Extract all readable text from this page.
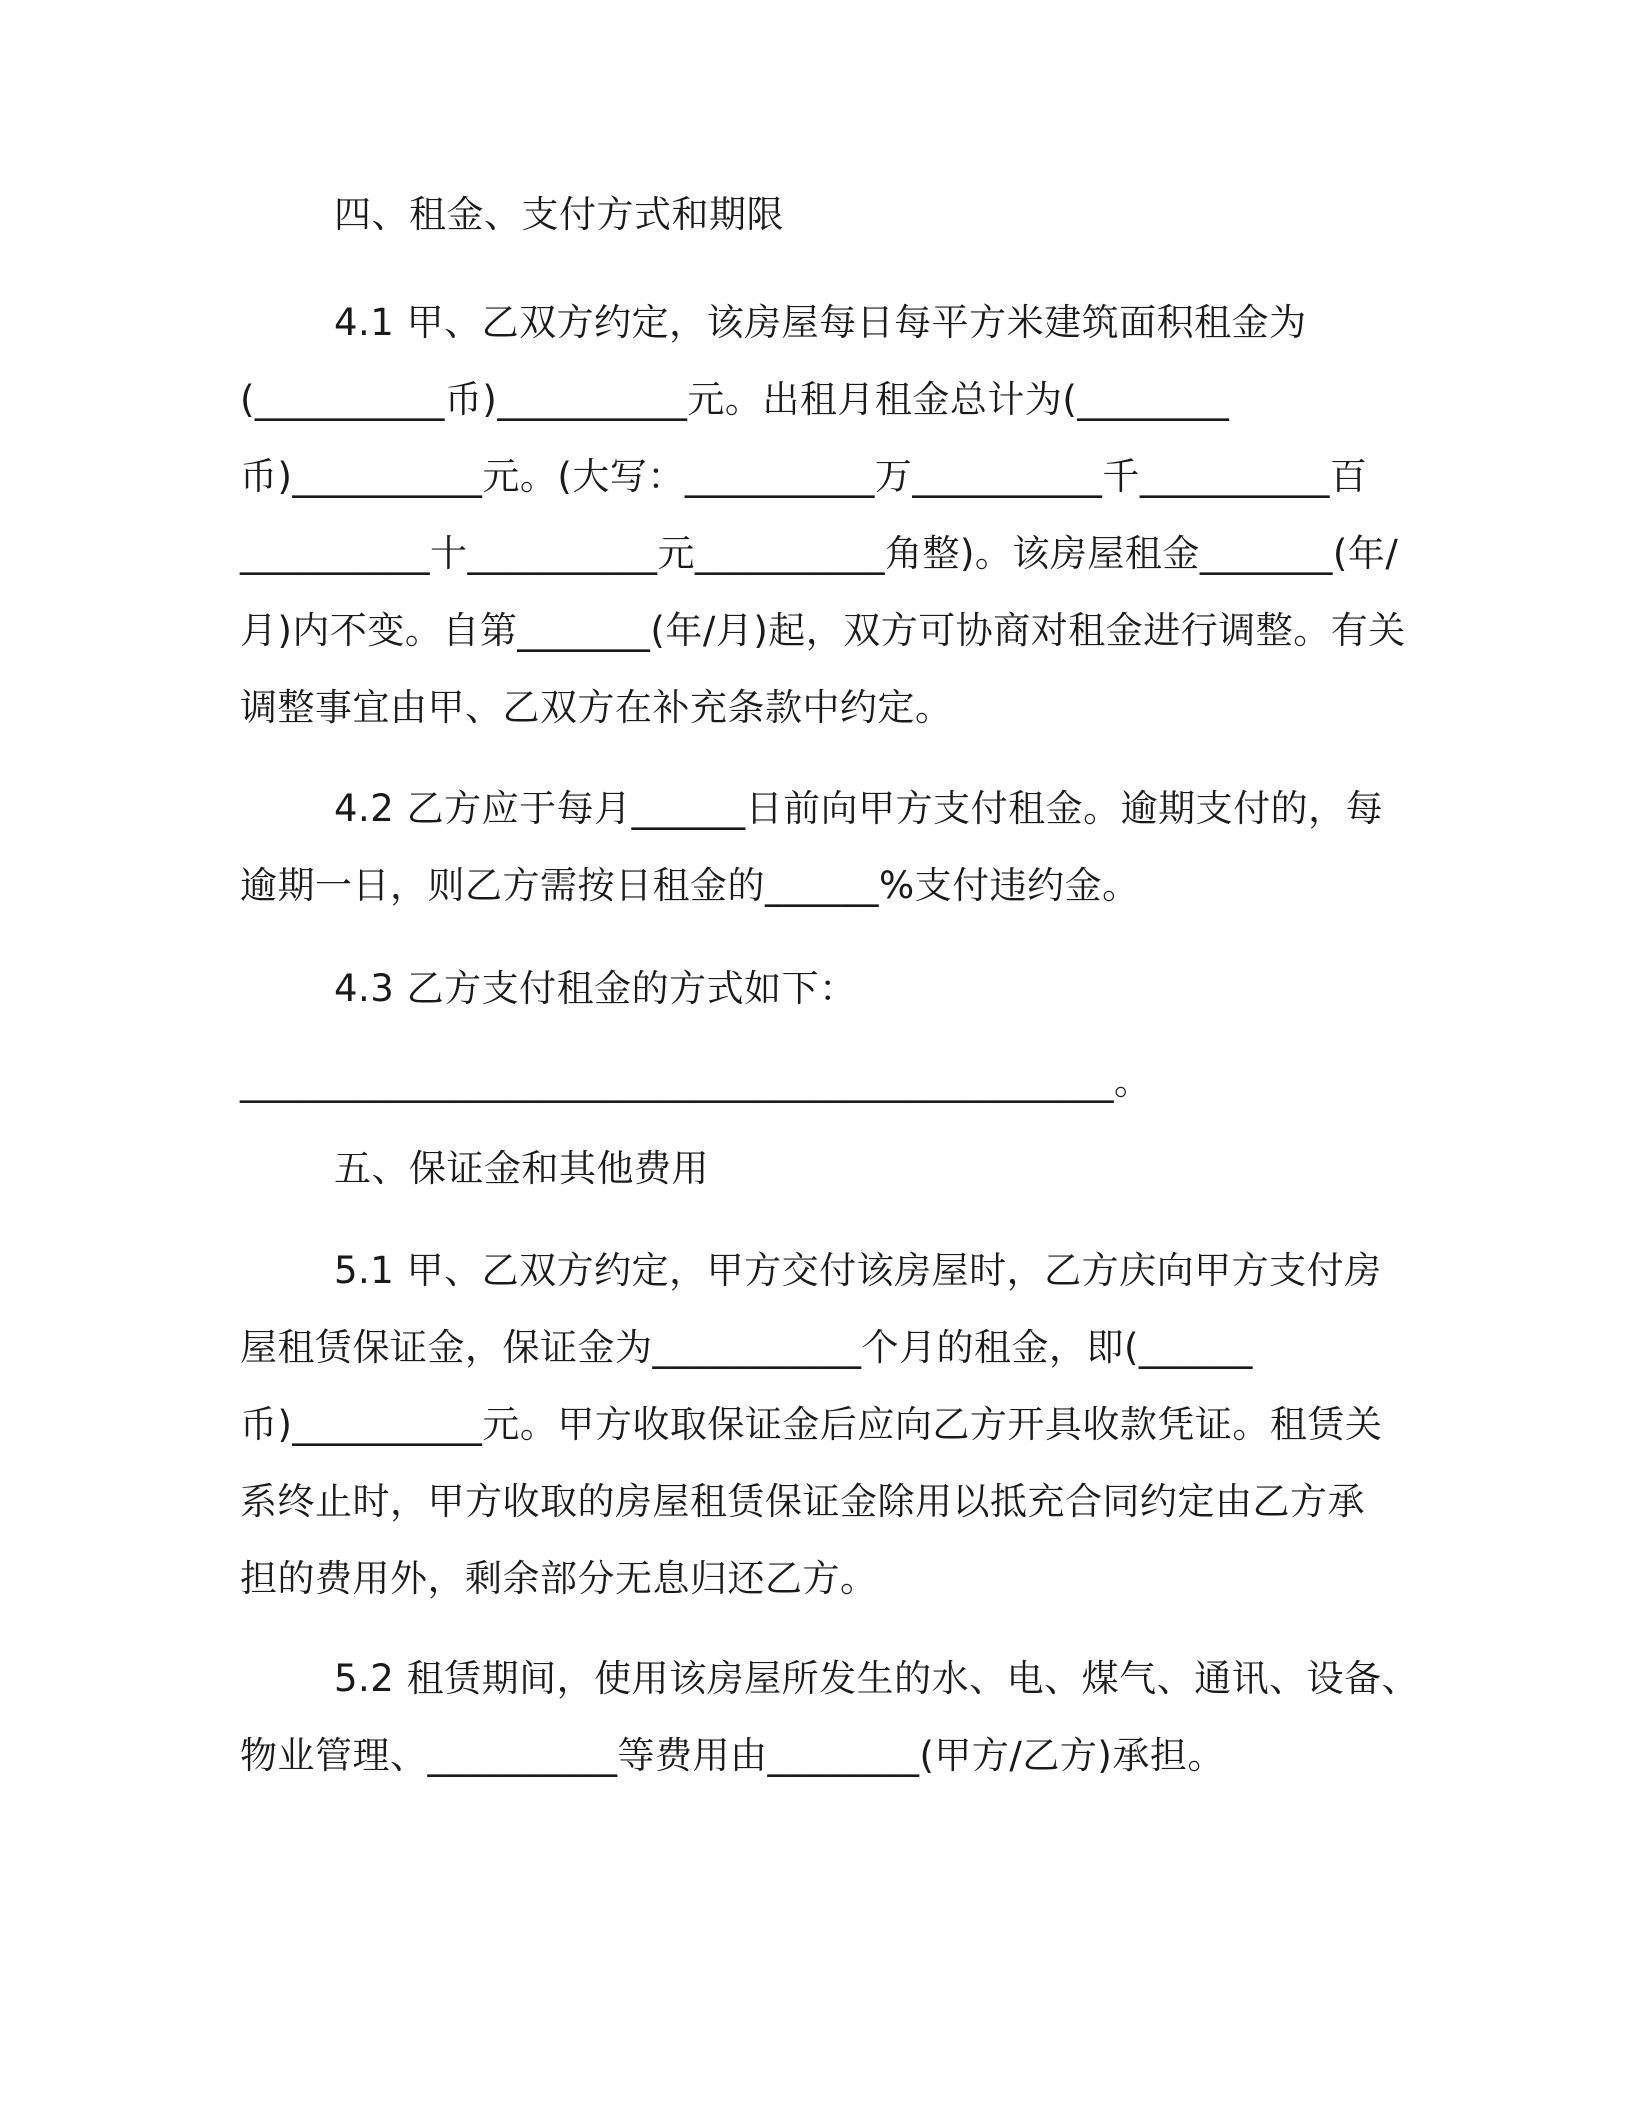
四、租金、支付方式和期限
4.1 甲、乙双方约定，该房屋每日每平方米建筑面积租金为
(__________币)__________元。出租月租金总计为(________
币)__________元。(大写：__________万__________千__________百
__________十__________元__________角整)。该房屋租金_______(年/
月)内不变。自第_______(年/月)起，双方可协商对租金进行调整。有关
调整事宜由甲、乙双方在补充条款中约定。
4.2 乙方应于每月______日前向甲方支付租金。逾期支付的，每
逾期一日，则乙方需按日租金的______%支付违约金。
4.3 乙方支付租金的方式如下：
______________________________________________。
五、保证金和其他费用
5.1 甲、乙双方约定，甲方交付该房屋时，乙方庆向甲方支付房
屋租赁保证金，保证金为___________个月的租金，即(______
币)__________元。甲方收取保证金后应向乙方开具收款凭证。租赁关
系终止时，甲方收取的房屋租赁保证金除用以抵充合同约定由乙方承
担的费用外，剩余部分无息归还乙方。
5.2 租赁期间，使用该房屋所发生的水、电、煤气、通讯、设备、
物业管理、__________等费用由________(甲方/乙方)承担。
